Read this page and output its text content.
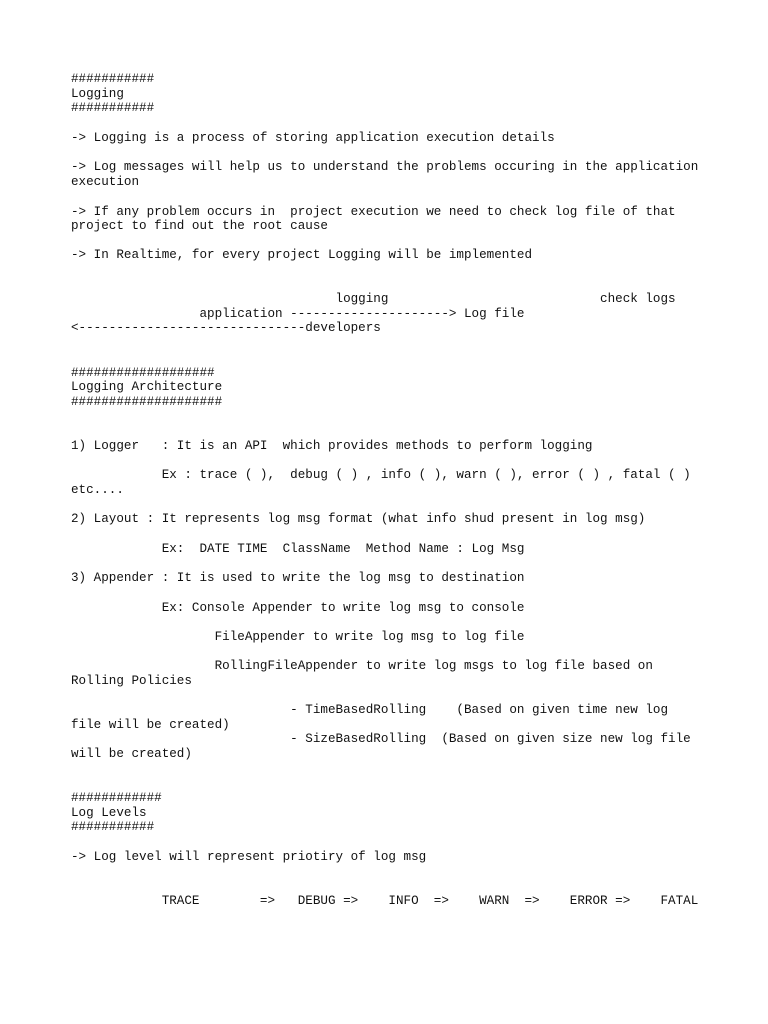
###########

Logging

###########

-> Logging is a process of storing application execution details

-> Log messages will help us to understand the problems occuring in the application

execution

-> If any problem occurs in  project execution we need to check log file of that

project to find out the root cause

-> In Realtime, for every project Logging will be implemented

logging                            check logs

application ---------------------> Log file

<------------------------------developers

###################

Logging Architecture

####################

1) Logger   : It is an API  which provides methods to perform logging

Ex : trace ( ),  debug ( ) , info ( ), warn ( ), error ( ) , fatal ( )

etc....

2) Layout : It represents log msg format (what info shud present in log msg)

Ex:  DATE TIME  ClassName  Method Name : Log Msg

3) Appender : It is used to write the log msg to destination

Ex: Console Appender to write log msg to console

FileAppender to write log msg to log file

RollingFileAppender to write log msgs to log file based on

Rolling Policies

- TimeBasedRolling    (Based on given time new log

file will be created)

- SizeBasedRolling  (Based on given size new log file

will be created)

############

Log Levels

###########

-> Log level will represent priotiry of log msg

TRACE        =>   DEBUG =>    INFO  =>    WARN  =>    ERROR =>    FATAL
